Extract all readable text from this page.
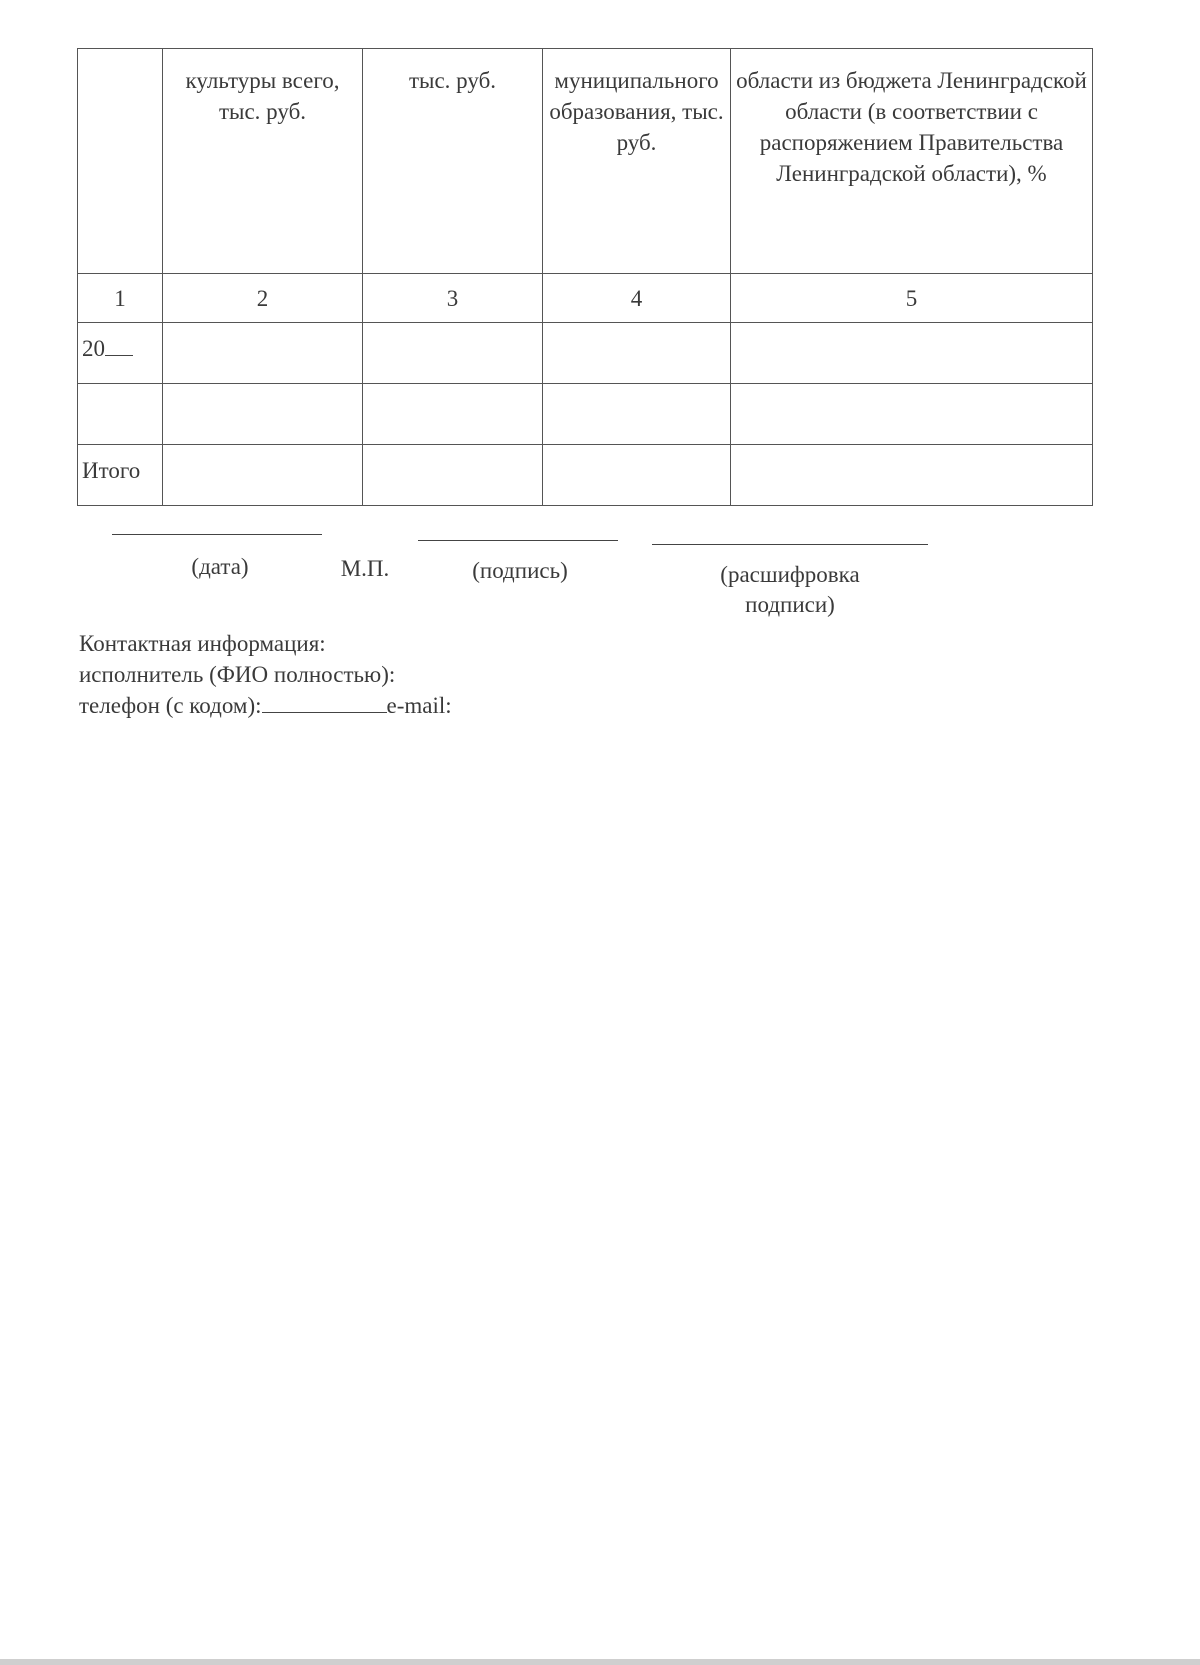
	культуры всего, тыс. руб.	тыс. руб.	муниципального образования, тыс. руб.	области из бюджета Ленинградской области (в соответствии с распоряжением Правительства Ленинградской области), %
1	2	3	4	5
20				

Итого				
(дата)	М.П.	(подпись)	(расшифровка подписи)
Контактная информация:
исполнитель (ФИО полностью):
телефон (с кодом):	e-mail:
